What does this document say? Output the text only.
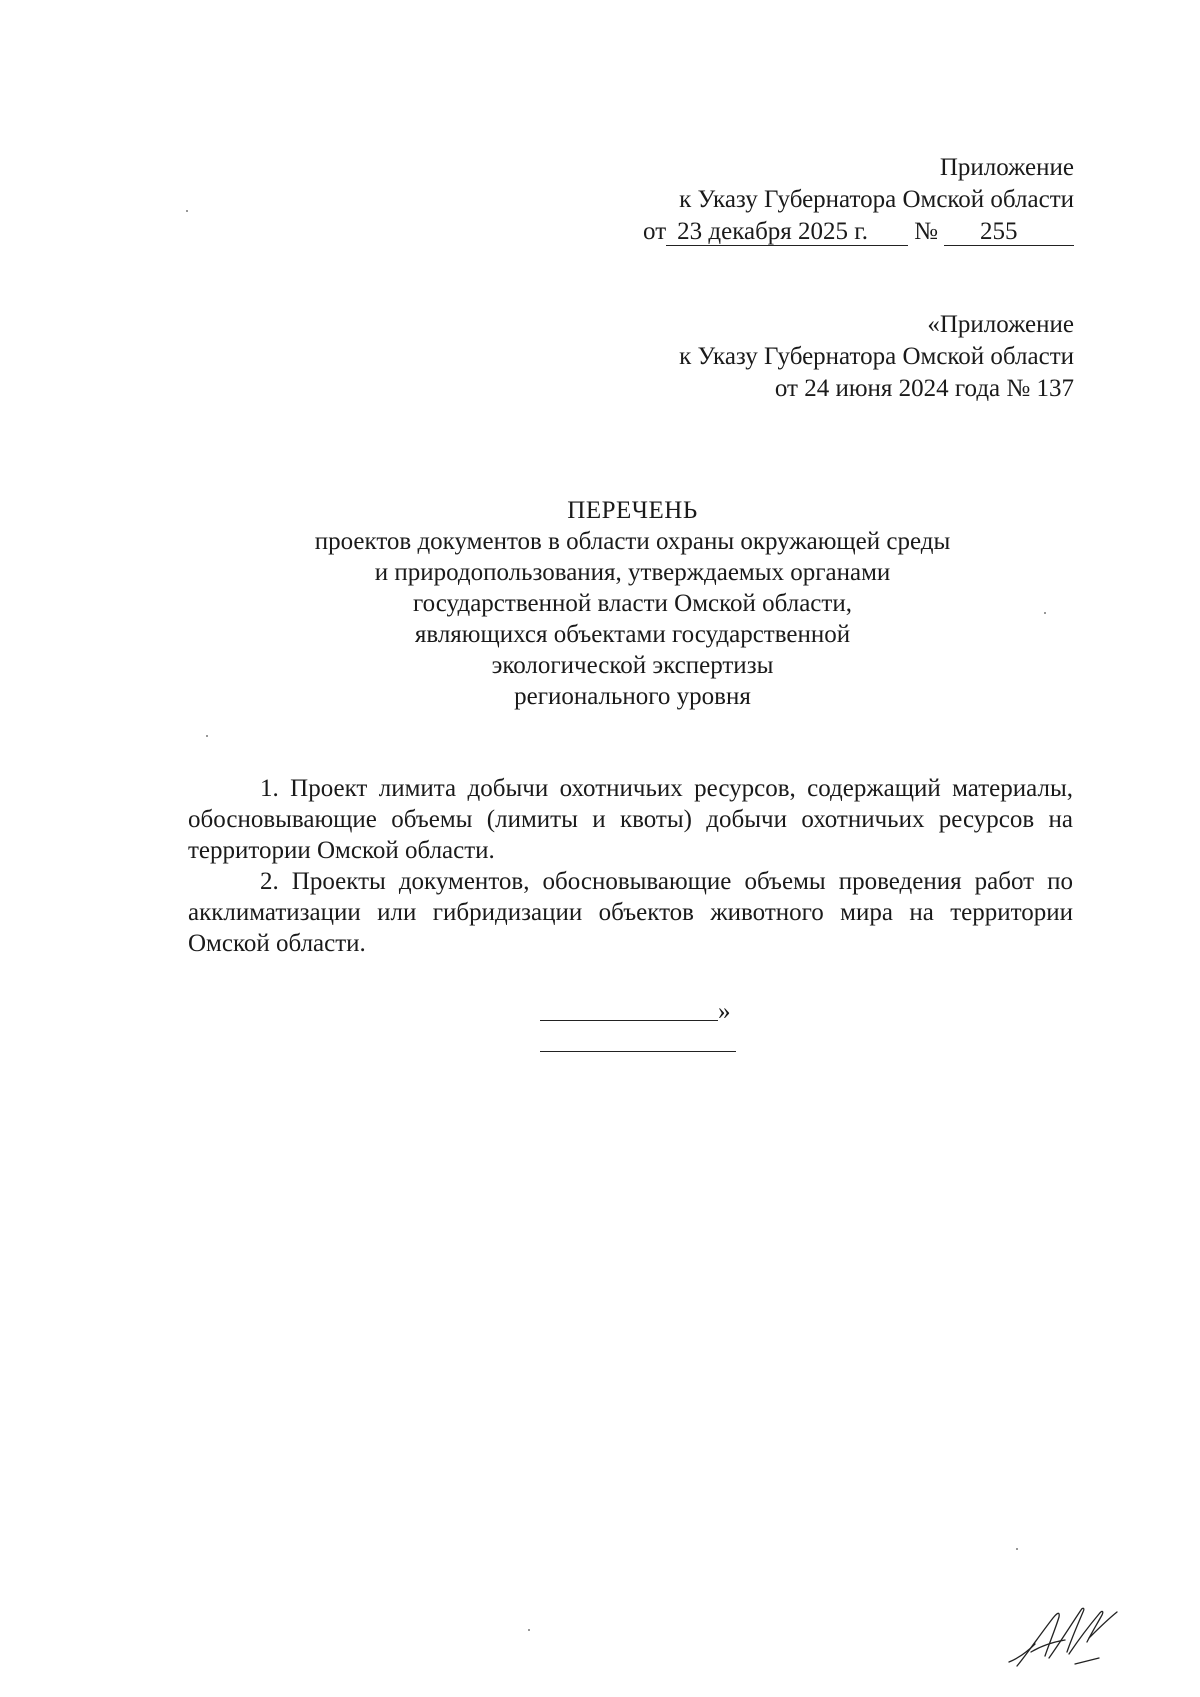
Приложение
к Указу Губернатора Омской области
от 23 декабря 2025 г. № 255
«Приложение
к Указу Губернатора Омской области
от 24 июня 2024 года № 137
ПЕРЕЧЕНЬ
проектов документов в области охраны окружающей среды
и природопользования, утверждаемых органами
государственной власти Омской области,
являющихся объектами государственной
экологической экспертизы
регионального уровня

1. Проект лимита добычи охотничьих ресурсов, содержащий материалы, обосновывающие объемы (лимиты и квоты) добычи охотничьих ресурсов на территории Омской области.

2. Проекты документов, обосновывающие объемы проведения работ по акклиматизации или гибридизации объектов животного мира на территории Омской области.

»
